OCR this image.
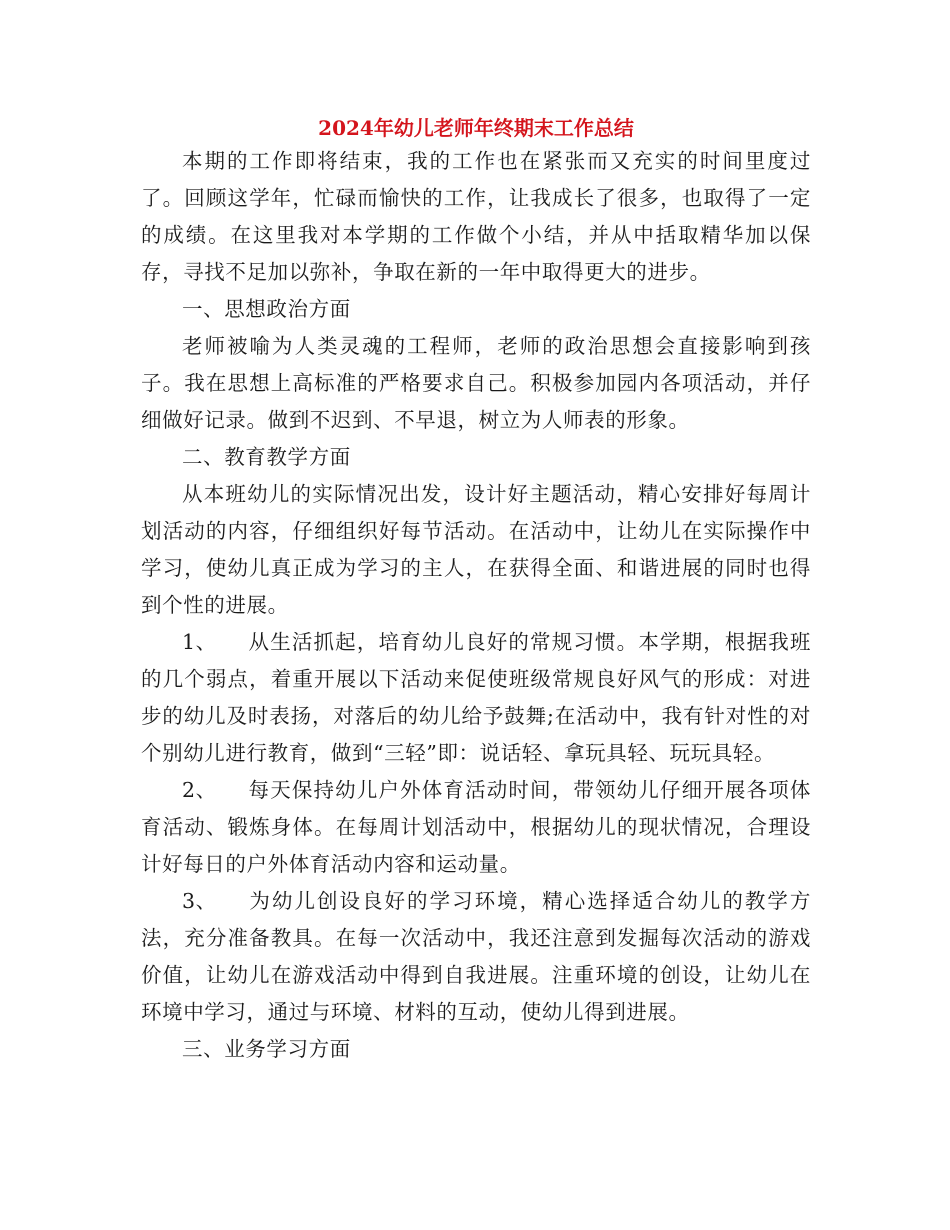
2024年幼儿老师年终期末工作总结

本期的工作即将结束，我的工作也在紧张而又充实的时间里度过了。回顾这学年，忙碌而愉快的工作，让我成长了很多，也取得了一定的成绩。在这里我对本学期的工作做个小结，并从中括取精华加以保存，寻找不足加以弥补，争取在新的一年中取得更大的进步。

一、思想政治方面

老师被喻为人类灵魂的工程师，老师的政治思想会直接影响到孩子。我在思想上高标准的严格要求自己。积极参加园内各项活动，并仔细做好记录。做到不迟到、不早退，树立为人师表的形象。

二、教育教学方面

从本班幼儿的实际情况出发，设计好主题活动，精心安排好每周计划活动的内容，仔细组织好每节活动。在活动中，让幼儿在实际操作中学习，使幼儿真正成为学习的主人，在获得全面、和谐进展的同时也得到个性的进展。

1、 从生活抓起，培育幼儿良好的常规习惯。本学期，根据我班的几个弱点，着重开展以下活动来促使班级常规良好风气的形成：对进步的幼儿及时表扬，对落后的幼儿给予鼓舞;在活动中，我有针对性的对个别幼儿进行教育，做到“三轻”即：说话轻、拿玩具轻、玩玩具轻。

2、 每天保持幼儿户外体育活动时间，带领幼儿仔细开展各项体育活动、锻炼身体。在每周计划活动中，根据幼儿的现状情况，合理设计好每日的户外体育活动内容和运动量。

3、 为幼儿创设良好的学习环境，精心选择适合幼儿的教学方法，充分准备教具。在每一次活动中，我还注意到发掘每次活动的游戏价值，让幼儿在游戏活动中得到自我进展。注重环境的创设，让幼儿在环境中学习，通过与环境、材料的互动，使幼儿得到进展。

三、业务学习方面
